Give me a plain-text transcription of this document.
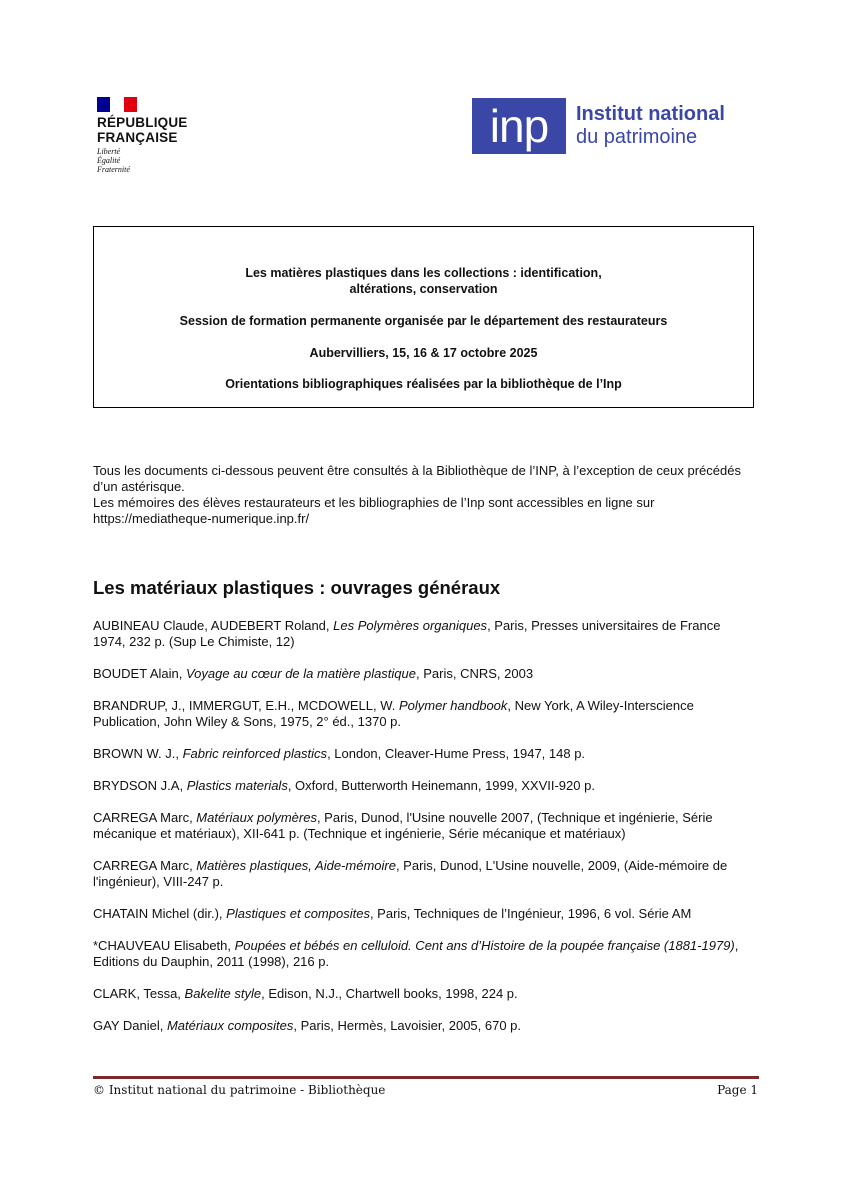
RÉPUBLIQUE
FRANÇAISE
Liberté
Égalité
Fraternité
inp	Institut national
du patrimoine
Les matières plastiques dans les collections : identification,
altérations, conservation
Session de formation permanente organisée par le département des restaurateurs
Aubervilliers, 15, 16 & 17 octobre 2025
Orientations bibliographiques réalisées par la bibliothèque de l’Inp
Tous les documents ci-dessous peuvent être consultés à la Bibliothèque de l’INP, à l’exception de ceux précédés d’un astérisque.
Les mémoires des élèves restaurateurs et les bibliographies de l’Inp sont accessibles en ligne sur https://mediatheque-numerique.inp.fr/
Les matériaux plastiques : ouvrages généraux

AUBINEAU Claude, AUDEBERT Roland, Les Polymères organiques, Paris, Presses universitaires de France 1974, 232 p. (Sup Le Chimiste, 12)

BOUDET Alain, Voyage au cœur de la matière plastique, Paris, CNRS, 2003

BRANDRUP, J., IMMERGUT, E.H., MCDOWELL, W. Polymer handbook, New York, A Wiley-Interscience Publication, John Wiley & Sons, 1975, 2° éd., 1370 p.

BROWN W. J., Fabric reinforced plastics, London, Cleaver-Hume Press, 1947, 148 p.

BRYDSON J.A, Plastics materials, Oxford, Butterworth Heinemann, 1999, XXVII-920 p.

CARREGA Marc, Matériaux polymères, Paris, Dunod, l'Usine nouvelle 2007, (Technique et ingénierie, Série mécanique et matériaux), XII-641 p. (Technique et ingénierie, Série mécanique et matériaux)

CARREGA Marc, Matières plastiques, Aide-mémoire, Paris, Dunod, L'Usine nouvelle, 2009, (Aide-mémoire de l'ingénieur), VIII-247 p.

CHATAIN Michel (dir.), Plastiques et composites, Paris, Techniques de l’Ingénieur, 1996, 6 vol. Série AM

*CHAUVEAU Elisabeth, Poupées et bébés en celluloid. Cent ans d’Histoire de la poupée française (1881-1979), Editions du Dauphin, 2011 (1998), 216 p.

CLARK, Tessa, Bakelite style, Edison, N.J., Chartwell books, 1998, 224 p.

GAY Daniel, Matériaux composites, Paris, Hermès, Lavoisier, 2005, 670 p.

© Institut national du patrimoine - Bibliothèque	Page 1
